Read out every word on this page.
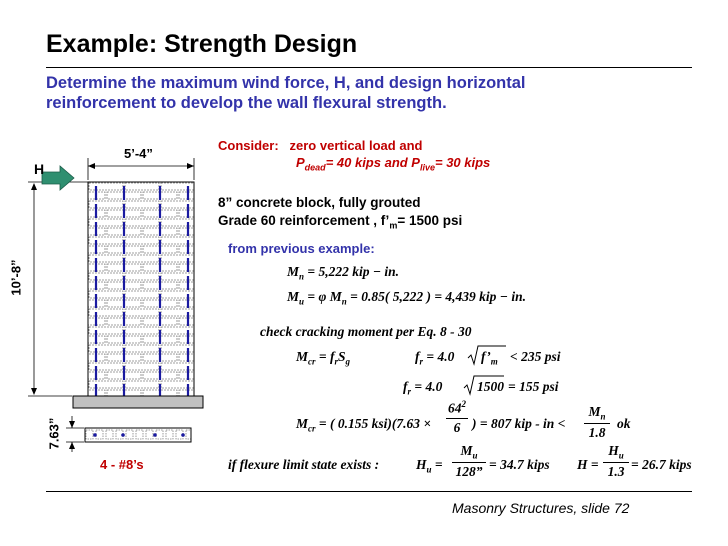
Example: Strength Design
Determine the maximum wind force, H, and design horizontal
reinforcement to develop the wall flexural strength.
5’-4”
H
10’-8”
7.63”
4 - #8’s
Consider: zero vertical load and
$P_{dead}= 40$ kips and $P_{live}= 30$ kips
8” concrete block, fully grouted
Grade 60 reinforcement , $f’_m= 1500$ psi
from previous example:
$M_n = 5,222$ kip − in.
$M_u = \varphi$ $M_n = 0.85$( 5,222 ) = 4,439 kip − in.
check cracking moment per Eq. 8 - 30
$M_{cr} = f_rS_g$	$f_r = 4.0$ $f’_m < 235$ psi
$f_r = 4.0$	1500 = 155 psi
$M_{cr}$ = ( 0.155 ksi)(7.63 ×
$64^2$
6 ) = 807 kip - in <
$M_n$
1.8
ok
if flexure limit state exists :	$H_u$ =
$M_u$
128” = 34.7 kips H =
$H_u$
1.3 = 26.7 kips
Masonry Structures, slide 72
